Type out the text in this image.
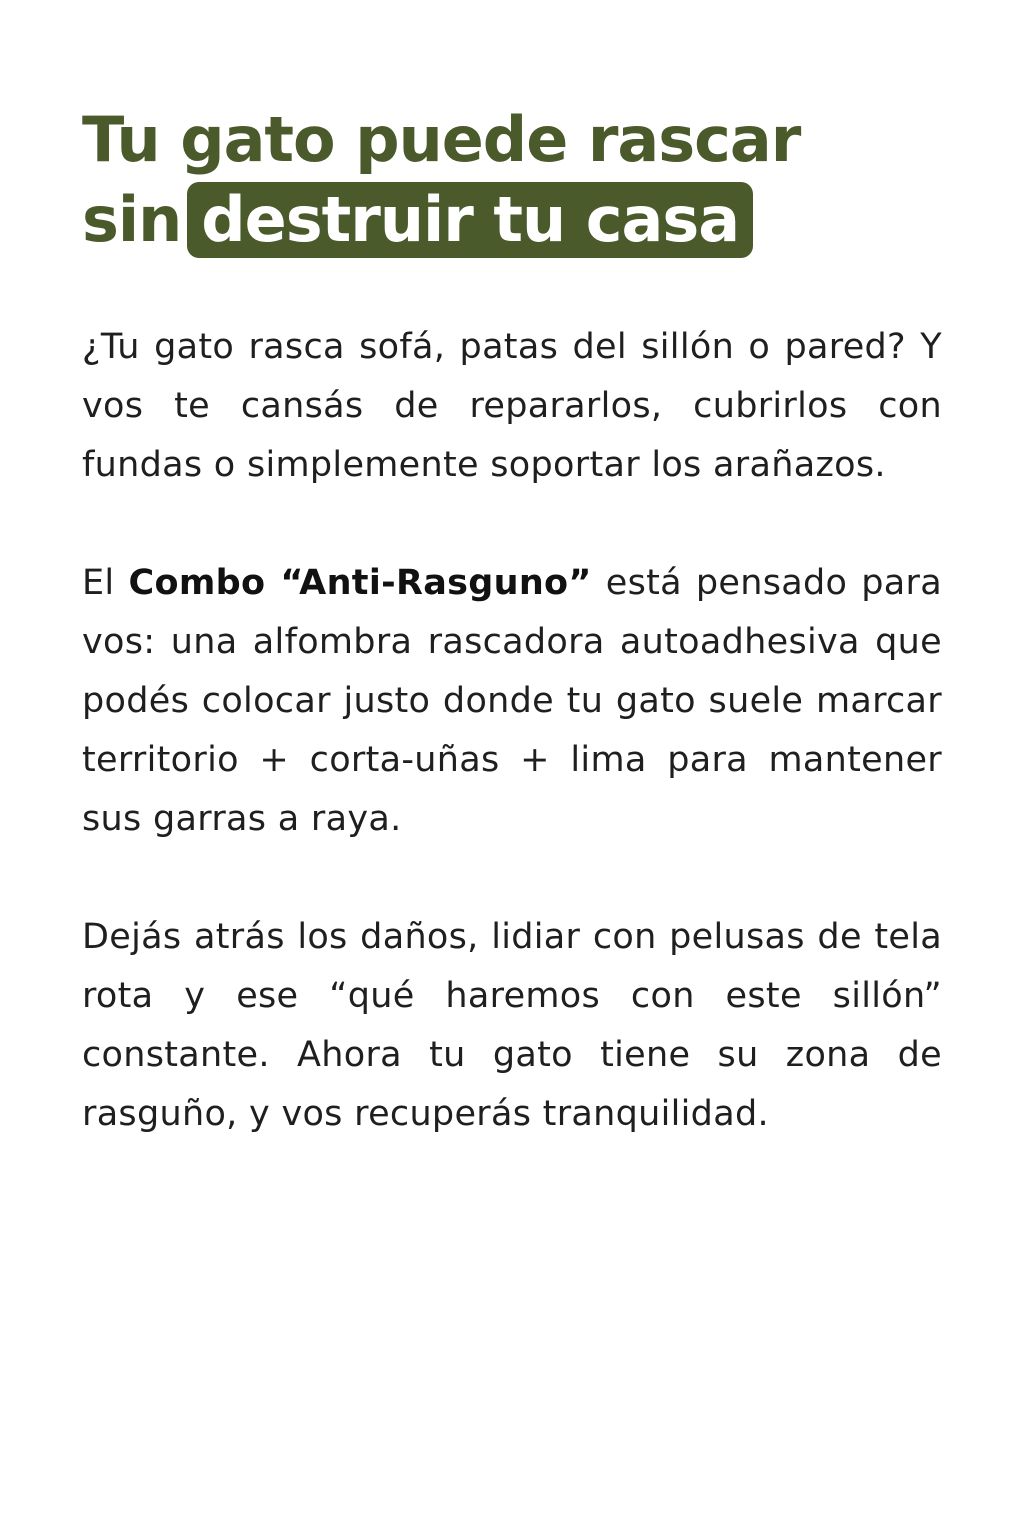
Tu gato puede rascar
sin destruir tu casa

¿Tu gato rasca sofá, patas del sillón o pared? Y vos te cansás de repararlos, cubrirlos con fundas o simplemente soportar los arañazos.

El Combo “Anti-Rasguno” está pensado para vos: una alfombra rascadora autoadhesiva que podés colocar justo donde tu gato suele marcar territorio + corta-uñas + lima para mantener sus garras a raya.

Dejás atrás los daños, lidiar con pelusas de tela rota y ese “qué haremos con este sillón” constante. Ahora tu gato tiene su zona de rasguño, y vos recuperás tranquilidad.
